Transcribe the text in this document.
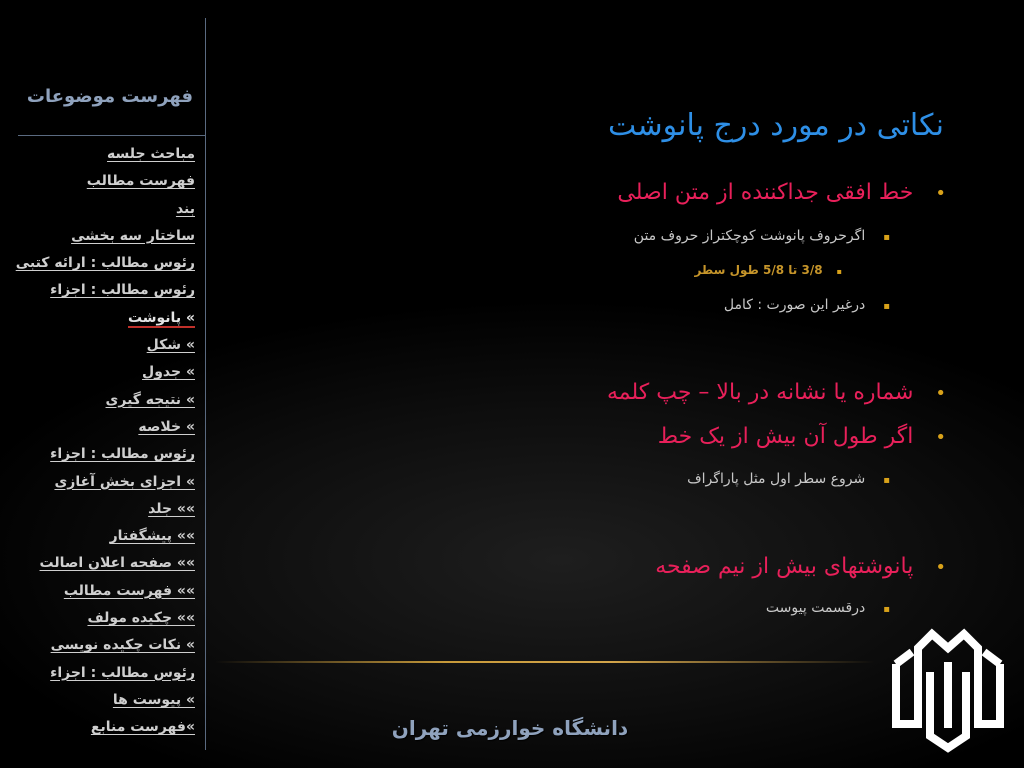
فهرست موضوعات
مباحث جلسه
فهرست مطالب
بند
ساختار سه بخشی
رئوس مطالب : ارائه کتبی
رئوس مطالب : اجزاء
» پانوشت
» شکل
» جدول
» نتیجه گیری
» خلاصه
رئوس مطالب : اجزاء
» اجزای بخش آغازی
»» جلد
»» پیشگفتار
»» صفحه اعلان اصالت
»» فهرست مطالب
»» چکیده مولف
» نکات چکیده نویسی
رئوس مطالب : اجزاء
» پیوست ها
»فهرست منابع
نکاتی در مورد درج پانوشت
•خط افقی جداکننده از متن اصلی
▪اگرحروف پانوشت کوچکتراز حروف متن
▪3/8 تا 5/8 طول سطر
▪درغیر این صورت : کامل
•شماره یا نشانه در بالا – چپ کلمه
•اگر طول آن بیش از یک خط
▪شروع سطر اول مثل پاراگراف
•پانوشتهای بیش از نیم صفحه
▪درقسمت پیوست
دانشگاه خوارزمی تهران
